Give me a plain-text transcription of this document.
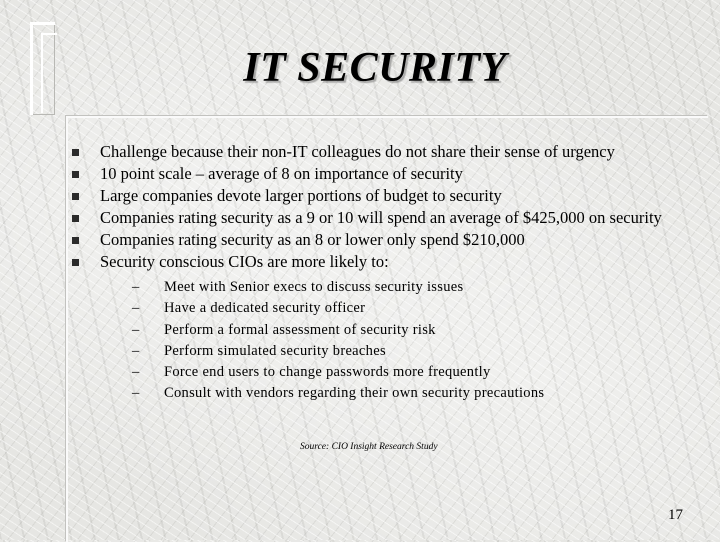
IT SECURITY
Challenge because their non-IT colleagues do not share their sense of urgency
10 point scale – average of 8 on importance of security
Large companies devote larger portions of budget to security
Companies rating security as a 9 or 10 will spend an average of $425,000 on security
Companies rating security as an 8 or lower only spend $210,000
Security conscious CIOs are more likely to:
– Meet with Senior execs to discuss security issues
– Have a dedicated security officer
– Perform a formal assessment of security risk
– Perform simulated security breaches
– Force end users to change passwords more frequently
– Consult with vendors regarding their own security precautions
Source: CIO Insight Research Study
17
